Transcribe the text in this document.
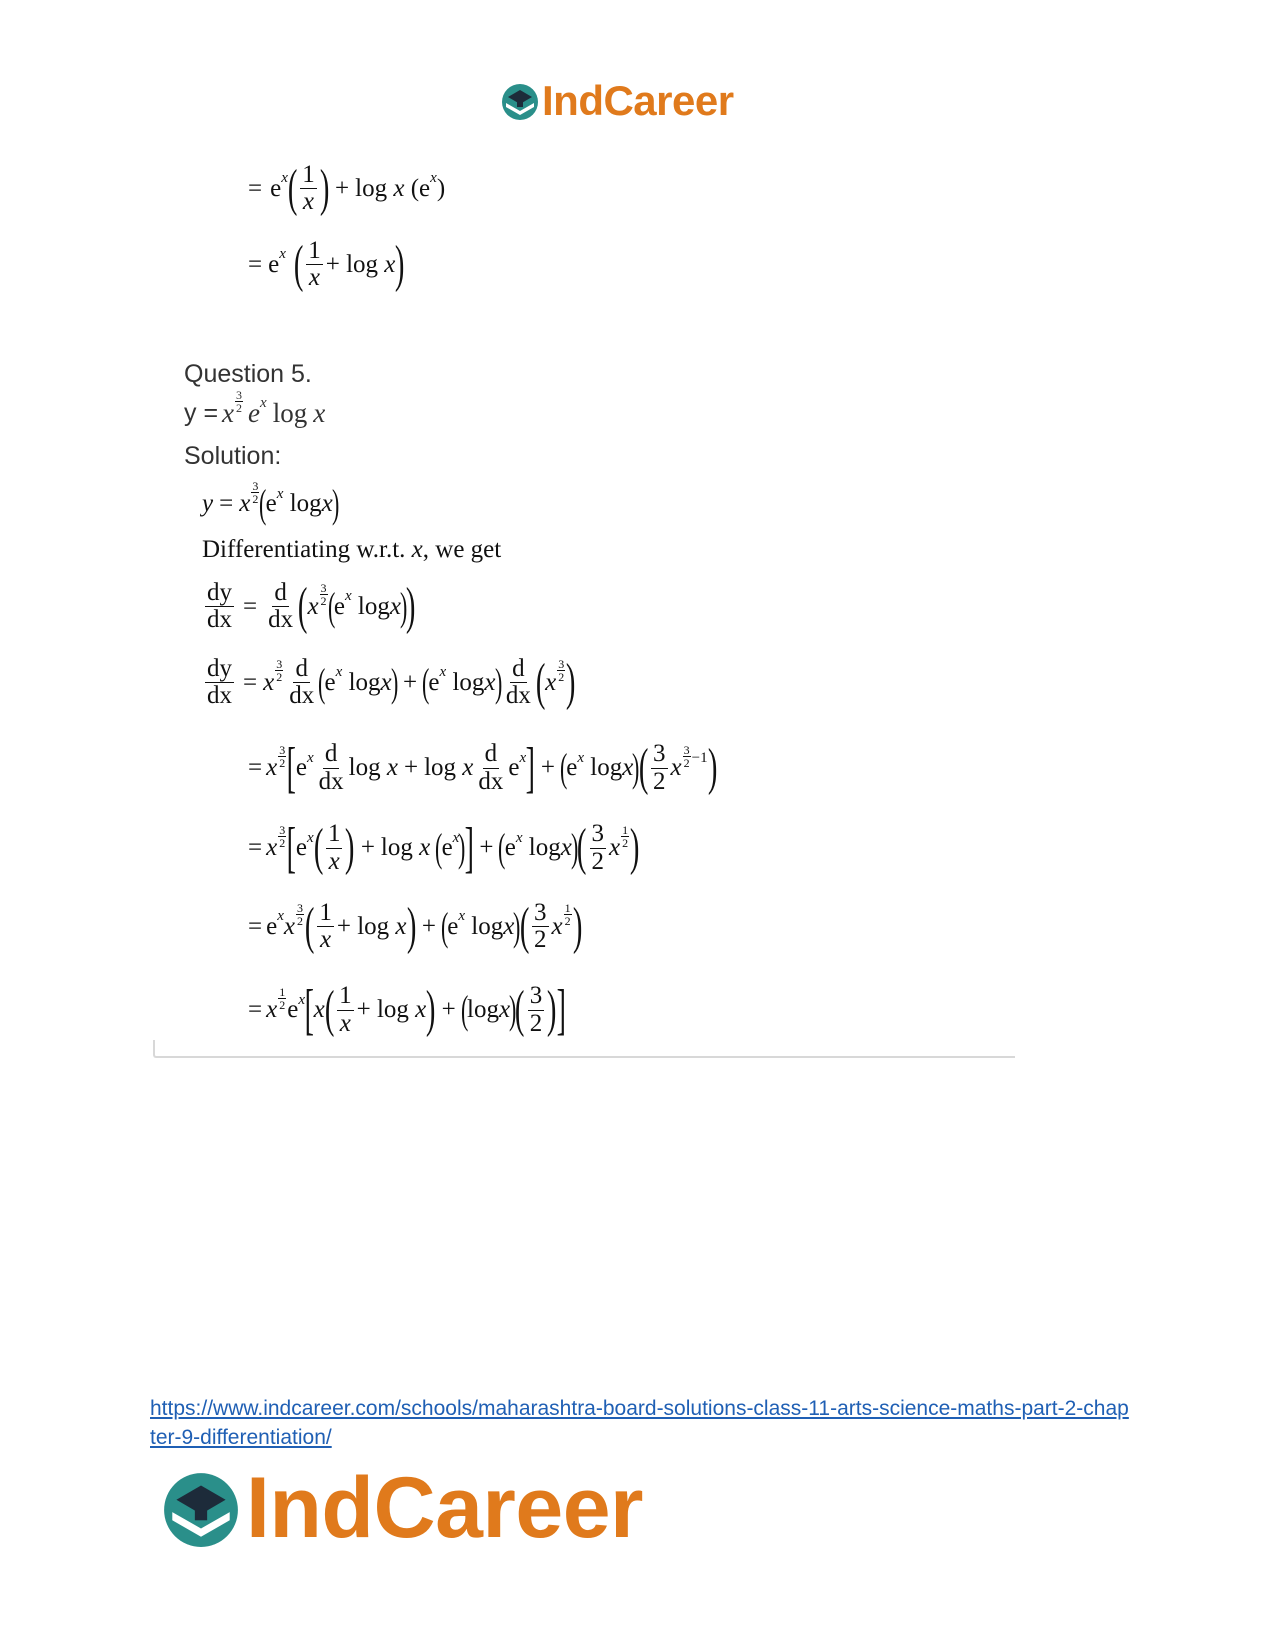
IndCareer
= e x ( $\frac{1}{x}$ ) + log
x
(e x )
= e x ( $\frac{1}{x} + \log$
x )
Question 5.
y = x $\frac{3}{2}$ e x log x
Solution:
y = x $\frac{3}{2}$ (
e x
log x
)
Differentiating w.r.t.
x , we get
$\frac{dy}{dx} = \frac{d}{dx}$ ( x $\frac{3}{2}$ (
e x
log x
)
)
$\frac{dy}{dx} = x \frac{3}{2} \frac{d}{dx}$ (
e x
log x
) + (
e x
log x
) $\frac{d}{dx}$ ( x $\frac{3}{2}$ )
= x $\frac{3}{2}$ [ e x $\frac{d}{dx}$ log
x + log
x $\frac{d}{dx}$ e x ] + (
e x
log x
)
( $\frac{3}{2}$ x
3
2 −1 )
= x $\frac{3}{2}$ [ e x ( $\frac{1}{x}$ ) + log
x (
e x
)
] + (
e x
log x
)
( $\frac{3}{2}$ x $\frac{1}{2}$ )
= e x x $\frac{3}{2}$ ( $\frac{1}{x}$ +
log
x ) + (
e x
log x
)
( $\frac{3}{2}$ x $\frac{1}{2}$ )
= x $\frac{1}{2}$ e x [ x ( $\frac{1}{x}$ +
log
x ) + (
log x
)
( $\frac{3}{2}$ ) ]
https://www.indcareer.com/schools/maharashtra-board-solutions-class-11-arts-science-maths-part-2-chapter-9-differentiation/
IndCareer
